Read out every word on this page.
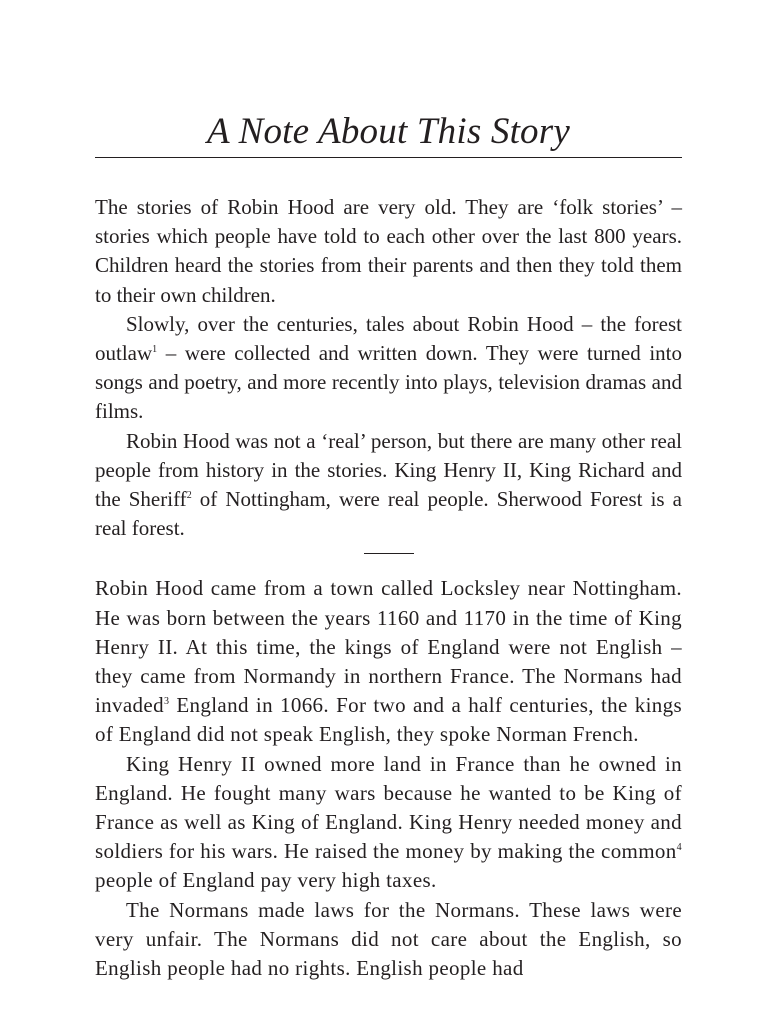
A Note About This Story

The stories of Robin Hood are very old. They are ‘folk stories’ – stories which people have told to each other over the last 800 years. Children heard the stories from their parents and then they told them to their own children.

Slowly, over the centuries, tales about Robin Hood – the forest outlaw$^1$ – were collected and written down. They were turned into songs and poetry, and more recently into plays, television dramas and films.

Robin Hood was not a ‘real’ person, but there are many other real people from history in the stories. King Henry II, King Richard and the Sheriff$^2$ of Nottingham, were real people. Sherwood Forest is a real forest.

Robin Hood came from a town called Locksley near Nottingham. He was born between the years 1160 and 1170 in the time of King Henry II. At this time, the kings of England were not English – they came from Normandy in northern France. The Normans had invaded$^3$ England in 1066. For two and a half centuries, the kings of England did not speak English, they spoke Norman French.

King Henry II owned more land in France than he owned in England. He fought many wars because he wanted to be King of France as well as King of England. King Henry needed money and soldiers for his wars. He raised the money by making the common$^4$ people of England pay very high taxes.

The Normans made laws for the Normans. These laws were very unfair. The Normans did not care about the English, so English people had no rights. English people had
